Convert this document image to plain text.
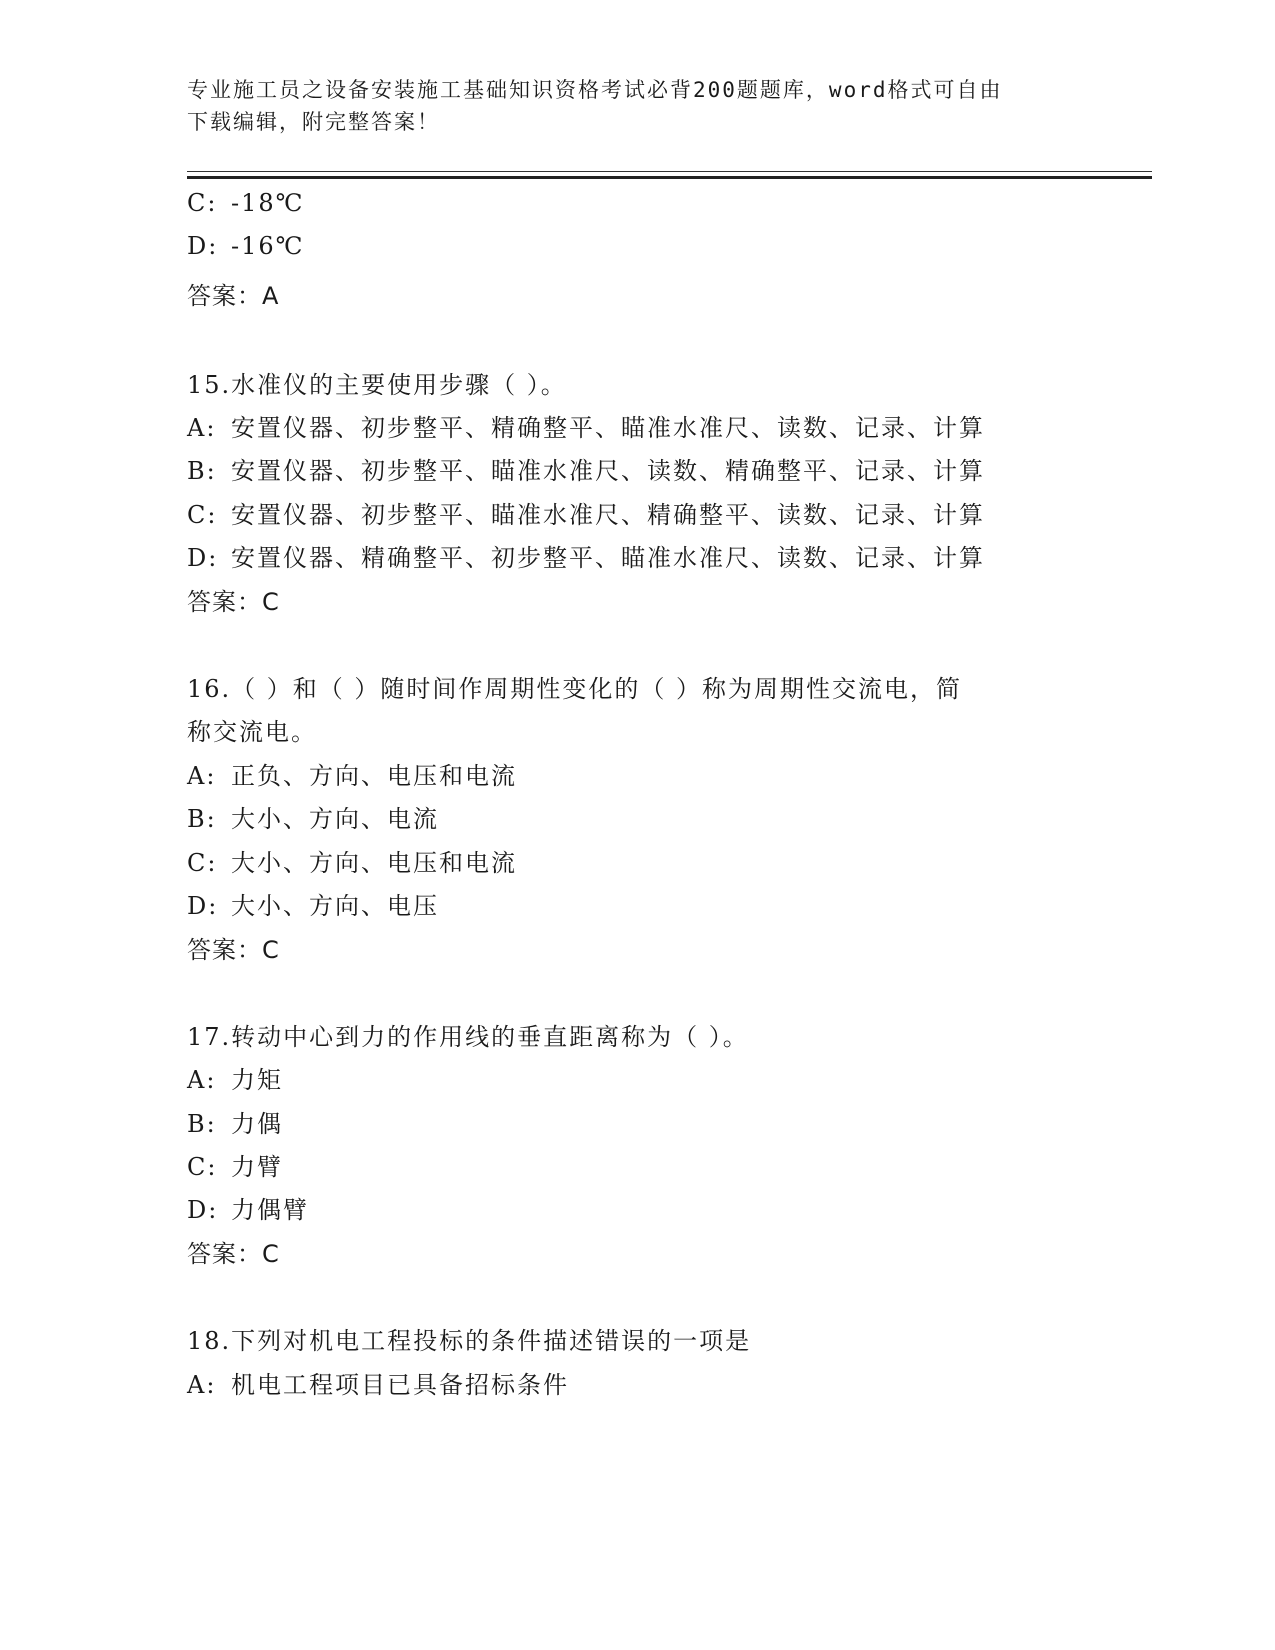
专业施工员之设备安装施工基础知识资格考试必背200题题库，word格式可自由
下载编辑，附完整答案！
C: -18℃
D: -16℃
答案：A
15.水准仪的主要使用步骤（ ）。
A: 安置仪器、初步整平、精确整平、瞄准水准尺、读数、记录、计算
B: 安置仪器、初步整平、瞄准水准尺、读数、精确整平、记录、计算
C: 安置仪器、初步整平、瞄准水准尺、精确整平、读数、记录、计算
D: 安置仪器、精确整平、初步整平、瞄准水准尺、读数、记录、计算
答案：C
16.（ ）和（ ）随时间作周期性变化的（ ）称为周期性交流电，简
称交流电。
A: 正负、方向、电压和电流
B: 大小、方向、电流
C: 大小、方向、电压和电流
D: 大小、方向、电压
答案：C
17.转动中心到力的作用线的垂直距离称为（ ）。
A: 力矩
B: 力偶
C: 力臂
D: 力偶臂
答案：C
18.下列对机电工程投标的条件描述错误的一项是
A: 机电工程项目已具备招标条件
